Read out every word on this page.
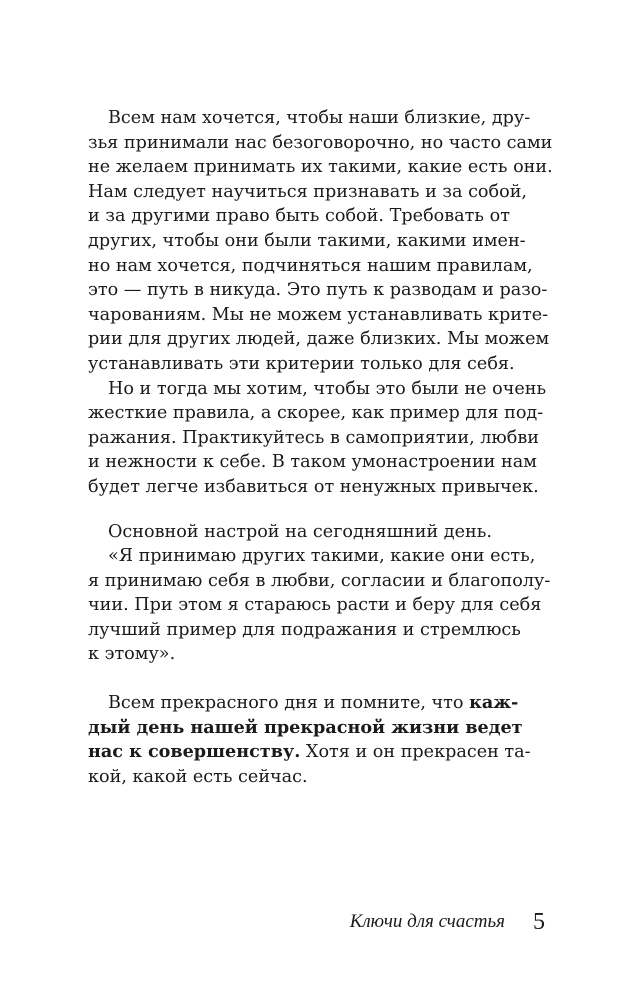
Всем нам хочется, чтобы наши близкие, дру-
зья принимали нас безоговорочно, но часто сами
не желаем принимать их такими, какие есть они.
Нам следует научиться признавать и за собой,
и за другими право быть собой. Требовать от
других, чтобы они были такими, какими имен-
но нам хочется, подчиняться нашим правилам,
это — путь в никуда. Это путь к разводам и разо-
чарованиям. Мы не можем устанавливать крите-
рии для других людей, даже близких. Мы можем
устанавливать эти критерии только для себя.
Но и тогда мы хотим, чтобы это были не очень
жесткие правила, а скорее, как пример для под-
ражания. Практикуйтесь в самоприятии, любви
и нежности к себе. В таком умонастроении нам
будет легче избавиться от ненужных привычек.
Основной настрой на сегодняшний день.
«Я принимаю других такими, какие они есть,
я принимаю себя в любви, согласии и благополу-
чии. При этом я стараюсь расти и беру для себя
лучший пример для подражания и стремлюсь
к этому».
Всем прекрасного дня и помните, что каж-
дый день нашей прекрасной жизни ведет
нас к совершенству. Хотя и он прекрасен та-
кой, какой есть сейчас.
Ключи для счастья 5
